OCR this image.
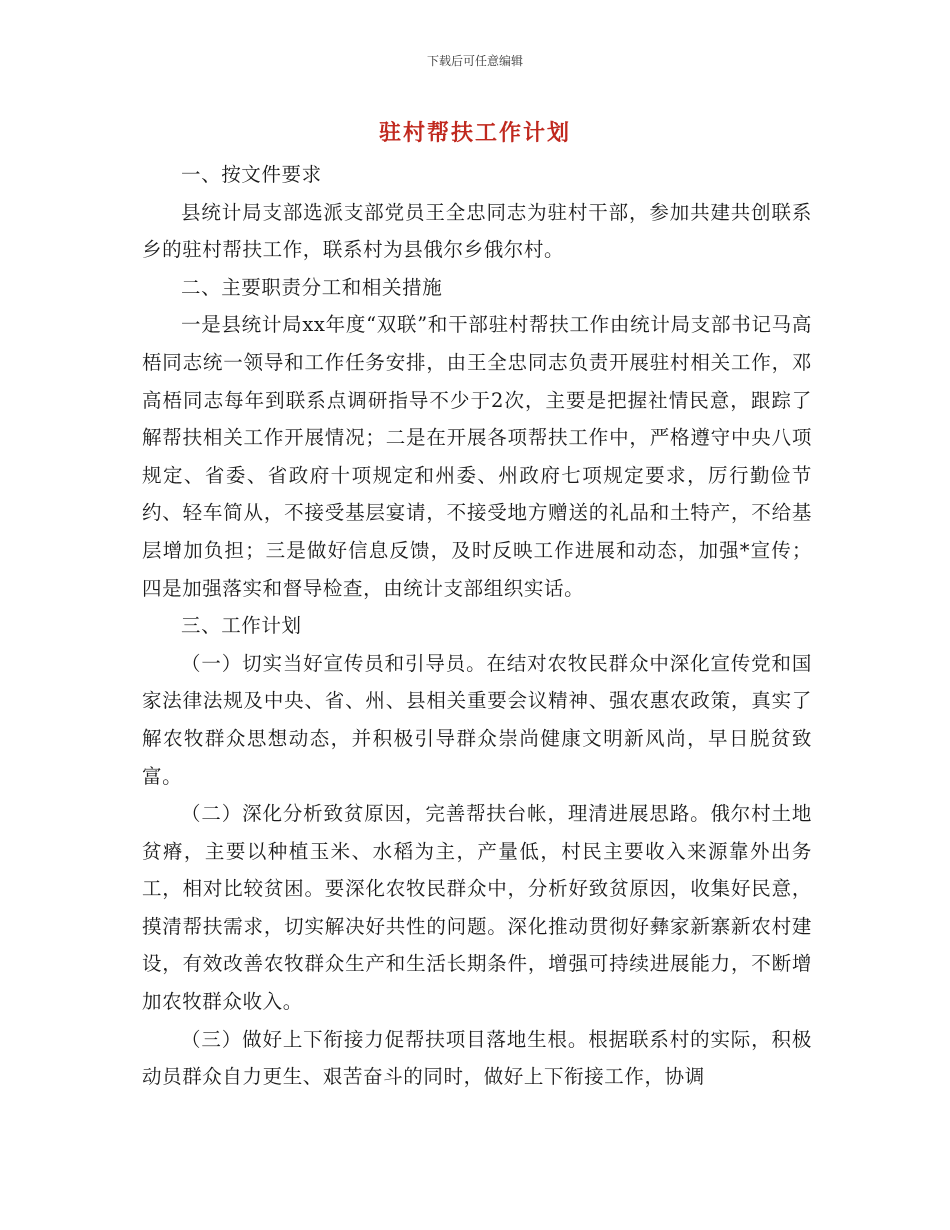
下载后可任意编辑
驻村帮扶工作计划

一、按文件要求

县统计局支部选派支部党员王全忠同志为驻村干部，参加共建共创联系乡的驻村帮扶工作，联系村为县俄尔乡俄尔村。

二、主要职责分工和相关措施

一是县统计局xx年度“双联”和干部驻村帮扶工作由统计局支部书记马高梧同志统一领导和工作任务安排，由王全忠同志负责开展驻村相关工作，邓高梧同志每年到联系点调研指导不少于2次，主要是把握社情民意，跟踪了解帮扶相关工作开展情况；二是在开展各项帮扶工作中，严格遵守中央八项规定、省委、省政府十项规定和州委、州政府七项规定要求，厉行勤俭节约、轻车简从，不接受基层宴请，不接受地方赠送的礼品和土特产，不给基层增加负担；三是做好信息反馈，及时反映工作进展和动态，加强*宣传；四是加强落实和督导检查，由统计支部组织实话。

三、工作计划

（一）切实当好宣传员和引导员。在结对农牧民群众中深化宣传党和国家法律法规及中央、省、州、县相关重要会议精神、强农惠农政策，真实了解农牧群众思想动态，并积极引导群众崇尚健康文明新风尚，早日脱贫致富。

（二）深化分析致贫原因，完善帮扶台帐，理清进展思路。俄尔村土地贫瘠，主要以种植玉米、水稻为主，产量低，村民主要收入来源靠外出务工，相对比较贫困。要深化农牧民群众中，分析好致贫原因，收集好民意，摸清帮扶需求，切实解决好共性的问题。深化推动贯彻好彝家新寨新农村建设，有效改善农牧群众生产和生活长期条件，增强可持续进展能力，不断增加农牧群众收入。

（三）做好上下衔接力促帮扶项目落地生根。根据联系村的实际，积极动员群众自力更生、艰苦奋斗的同时，做好上下衔接工作，协调
